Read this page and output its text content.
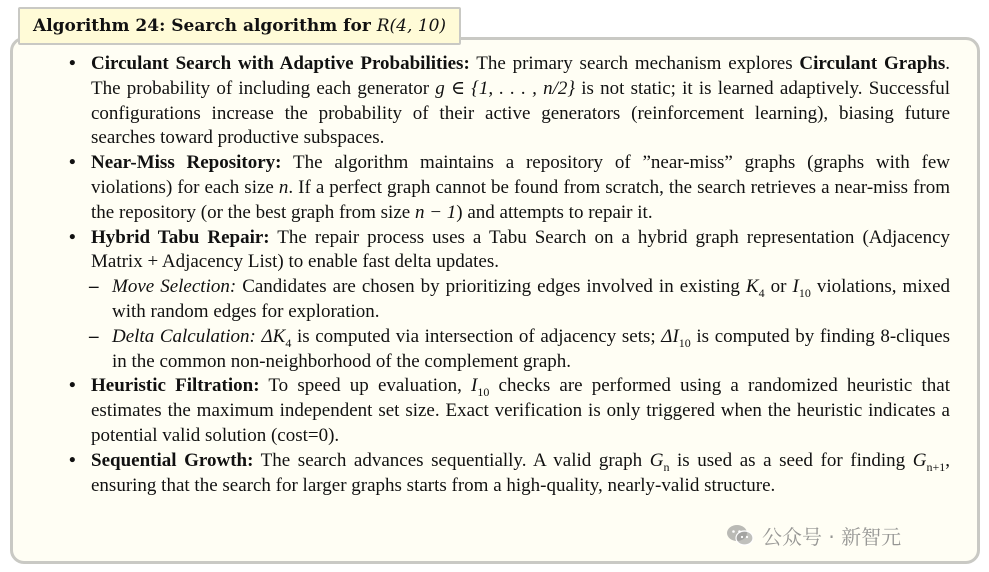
Algorithm 24: Search algorithm for R(4, 10)
• Circulant Search with Adaptive Probabilities: The primary search mechanism explores Circulant Graphs. The probability of including each generator g ∈ {1, . . . , n/2} is not static; it is learned adaptively. Successful configurations increase the probability of their active generators (reinforcement learning), biasing future searches toward productive subspaces.
• Near-Miss Repository: The algorithm maintains a repository of ”near-miss” graphs (graphs with few violations) for each size n. If a perfect graph cannot be found from scratch, the search retrieves a near-miss from the repository (or the best graph from size n − 1) and attempts to repair it.
• Hybrid Tabu Repair: The repair process uses a Tabu Search on a hybrid graph representation (Adjacency Matrix + Adjacency List) to enable fast delta updates.
– Move Selection: Candidates are chosen by prioritizing edges involved in existing $K_4$ or $I_{10}$ violations, mixed with random edges for exploration.
– Delta Calculation: $\Delta K_4$ is computed via intersection of adjacency sets; $\Delta I_{10}$ is computed by finding 8-cliques in the common non-neighborhood of the complement graph.
• Heuristic Filtration: To speed up evaluation, $I_{10}$ checks are performed using a randomized heuristic that estimates the maximum independent set size. Exact verification is only triggered when the heuristic indicates a potential valid solution (cost=0).
• Sequential Growth: The search advances sequentially. A valid graph $G_n$ is used as a seed for finding $G_{n+1}$, ensuring that the search for larger graphs starts from a high-quality, nearly-valid structure.
公众号 · 新智元
